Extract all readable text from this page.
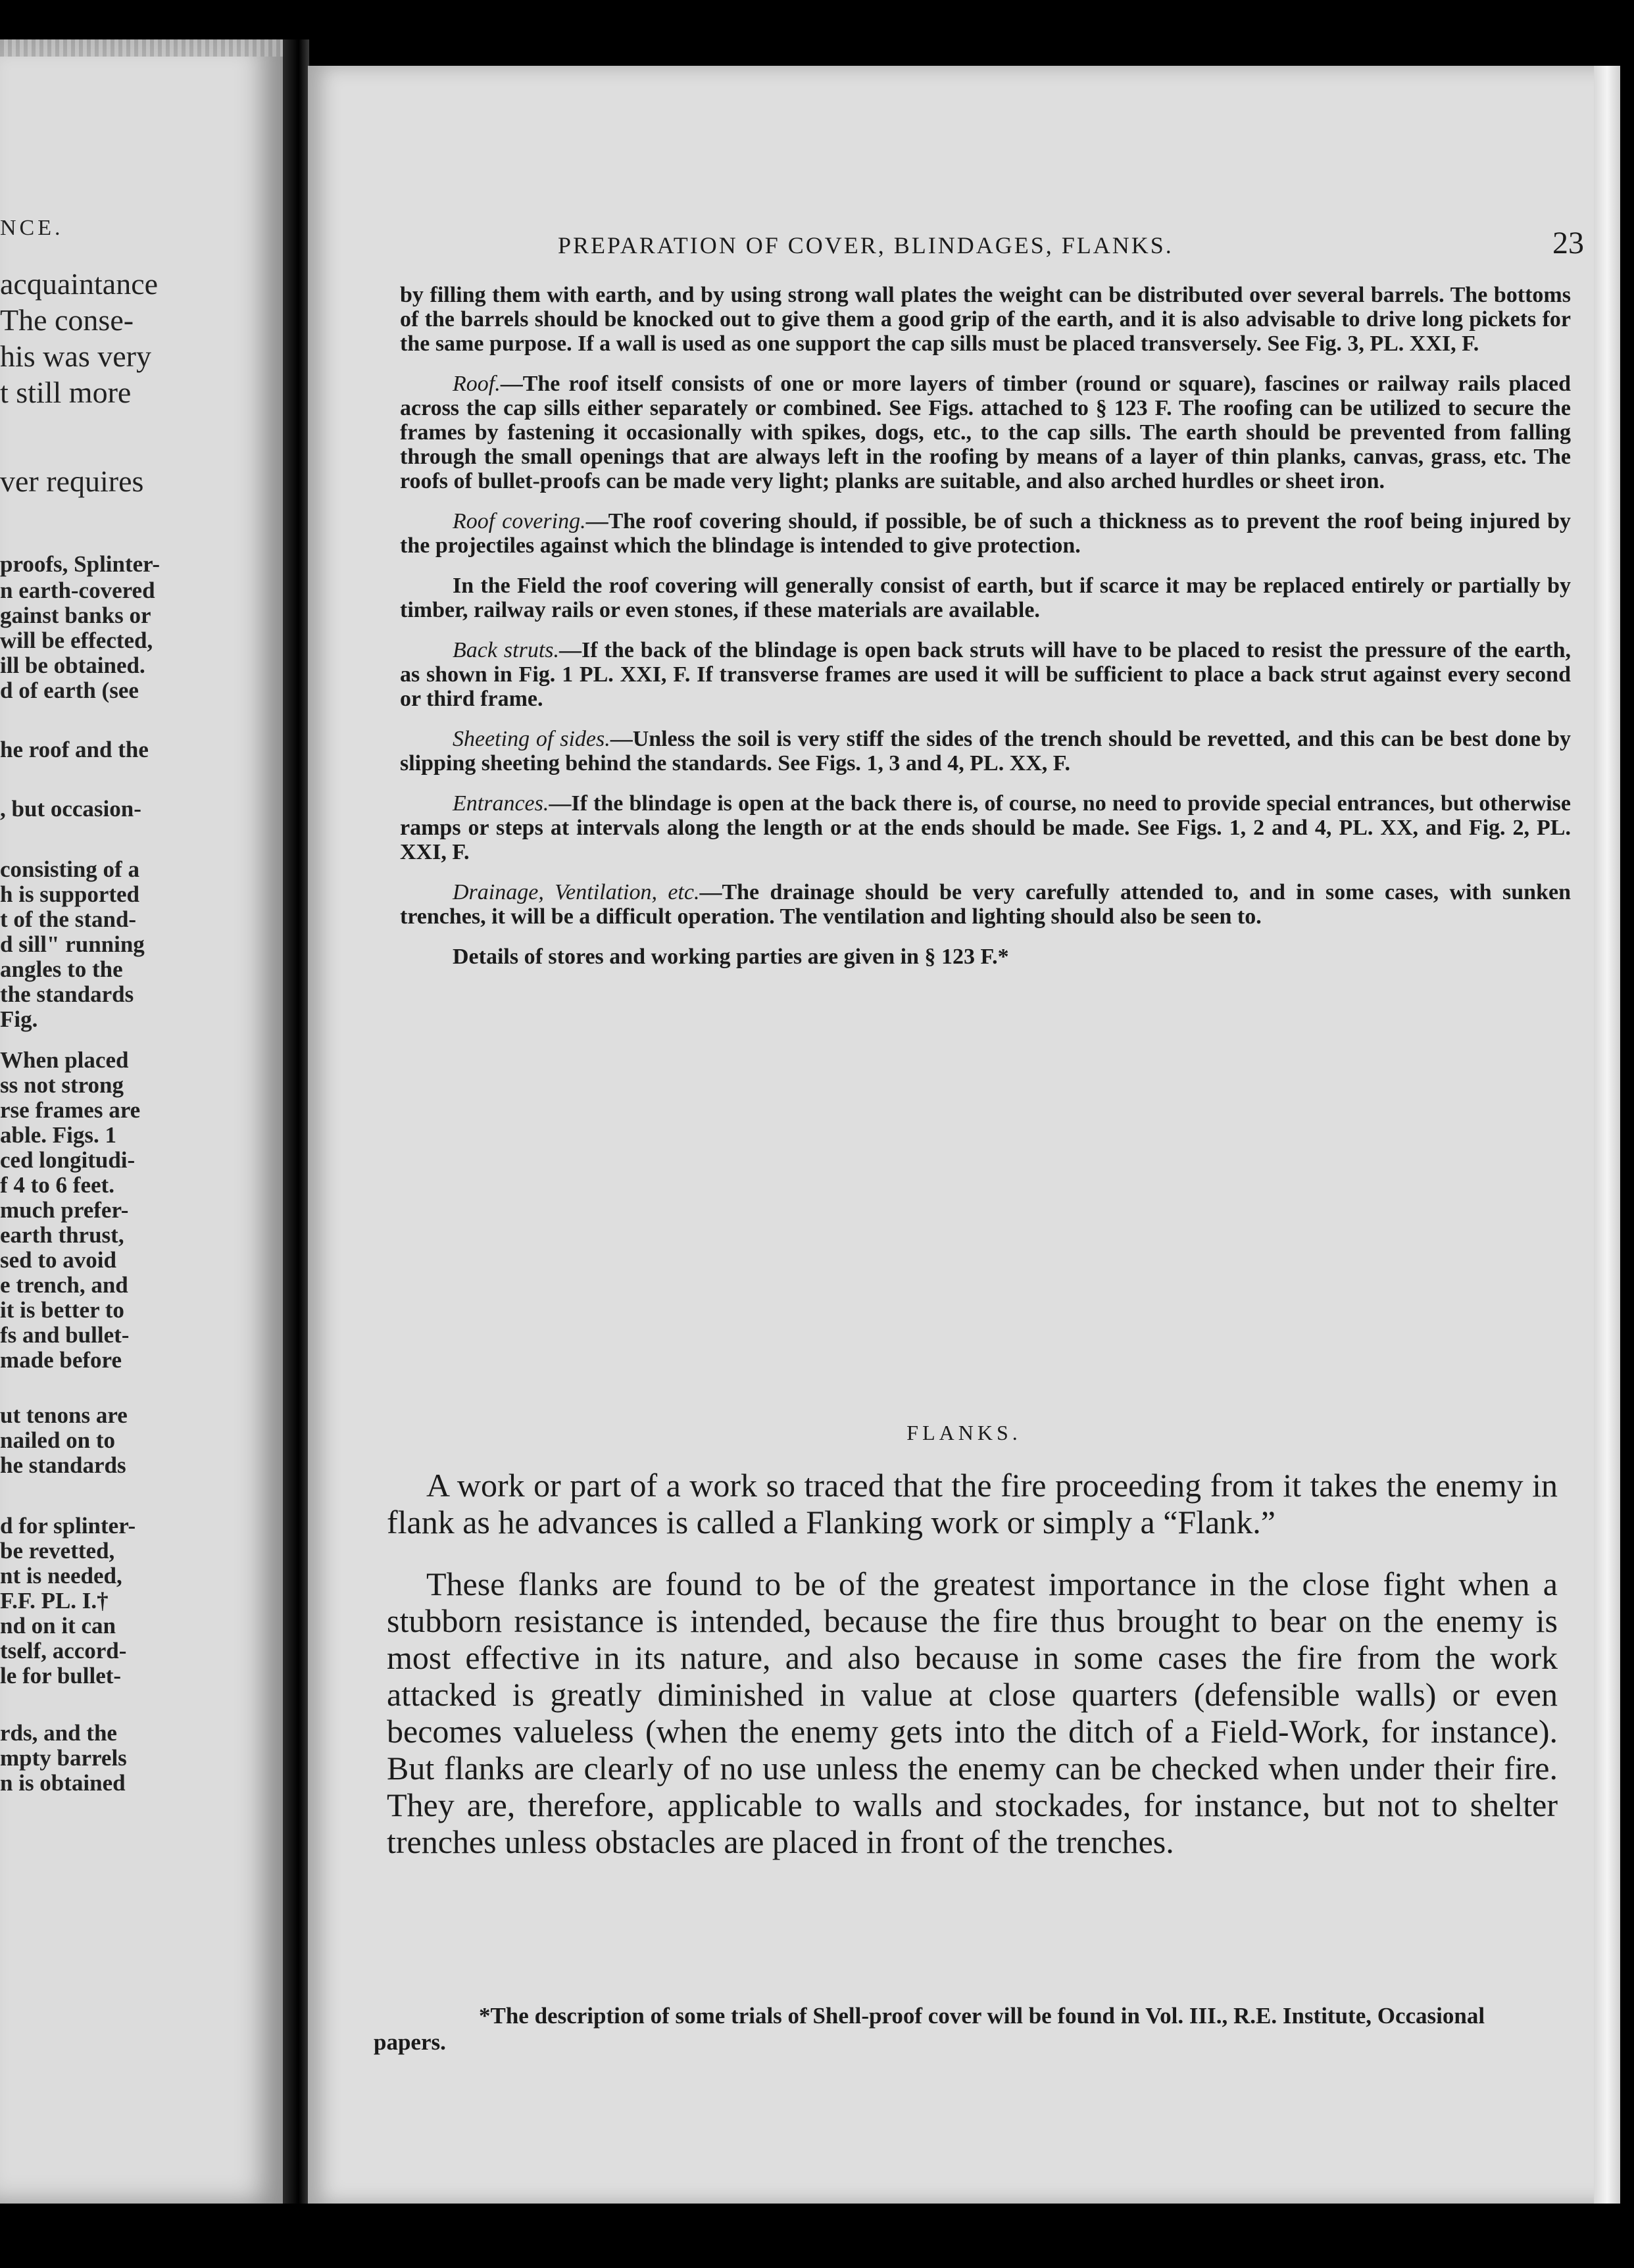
NCE.
acquaintance
The conse-
his was very
t still more
ver requires
proofs, Splinter-
n earth-covered
gainst banks or
will be effected,
ill be obtained.
d of earth (see
he roof and the
, but occasion-
consisting of a
h is supported
t of the stand-
d sill" running
angles to the
the standards
Fig.
When placed
ss not strong
rse frames are
able. Figs. 1
ced longitudi-
f 4 to 6 feet.
much prefer-
earth thrust,
sed to avoid
e trench, and
it is better to
fs and bullet-
made before
ut tenons are
nailed on to
he standards
d for splinter-
be revetted,
nt is needed,
F.F. PL. I.†
nd on it can
tself, accord-
le for bullet-
rds, and the
mpty barrels
n is obtained
PREPARATION OF COVER, BLINDAGES, FLANKS.	23

by filling them with earth, and by using strong wall plates the weight can be distributed over several barrels. The bottoms of the barrels should be knocked out to give them a good grip of the earth, and it is also advisable to drive long pickets for the same purpose. If a wall is used as one support the cap sills must be placed transversely. See Fig. 3, PL. XXI, F.

Roof.—The roof itself consists of one or more layers of timber (round or square), fascines or railway rails placed across the cap sills either separately or combined. See Figs. attached to § 123 F. The roofing can be utilized to secure the frames by fastening it occasionally with spikes, dogs, etc., to the cap sills. The earth should be prevented from falling through the small openings that are always left in the roofing by means of a layer of thin planks, canvas, grass, etc. The roofs of bullet-proofs can be made very light; planks are suitable, and also arched hurdles or sheet iron.

Roof covering.—The roof covering should, if possible, be of such a thickness as to prevent the roof being injured by the projectiles against which the blindage is intended to give protection.

In the Field the roof covering will generally consist of earth, but if scarce it may be replaced entirely or partially by timber, railway rails or even stones, if these materials are available.

Back struts.—If the back of the blindage is open back struts will have to be placed to resist the pressure of the earth, as shown in Fig. 1 PL. XXI, F. If transverse frames are used it will be sufficient to place a back strut against every second or third frame.

Sheeting of sides.—Unless the soil is very stiff the sides of the trench should be revetted, and this can be best done by slipping sheeting behind the standards. See Figs. 1, 3 and 4, PL. XX, F.

Entrances.—If the blindage is open at the back there is, of course, no need to provide special entrances, but otherwise ramps or steps at intervals along the length or at the ends should be made. See Figs. 1, 2 and 4, PL. XX, and Fig. 2, PL. XXI, F.

Drainage, Ventilation, etc.—The drainage should be very carefully attended to, and in some cases, with sunken trenches, it will be a difficult operation. The ventilation and lighting should also be seen to.

Details of stores and working parties are given in § 123 F.*

FLANKS.

A work or part of a work so traced that the fire proceeding from it takes the enemy in flank as he advances is called a Flanking work or simply a “Flank.”

These flanks are found to be of the greatest importance in the close fight when a stubborn resistance is intended, because the fire thus brought to bear on the enemy is most effective in its nature, and also because in some cases the fire from the work attacked is greatly diminished in value at close quarters (defensible walls) or even becomes valueless (when the enemy gets into the ditch of a Field-Work, for instance). But flanks are clearly of no use unless the enemy can be checked when under their fire. They are, therefore, applicable to walls and stockades, for instance, but not to shelter trenches unless obstacles are placed in front of the trenches.

*The description of some trials of Shell-proof cover will be found in Vol. III., R.E. Institute, Occasional papers.
